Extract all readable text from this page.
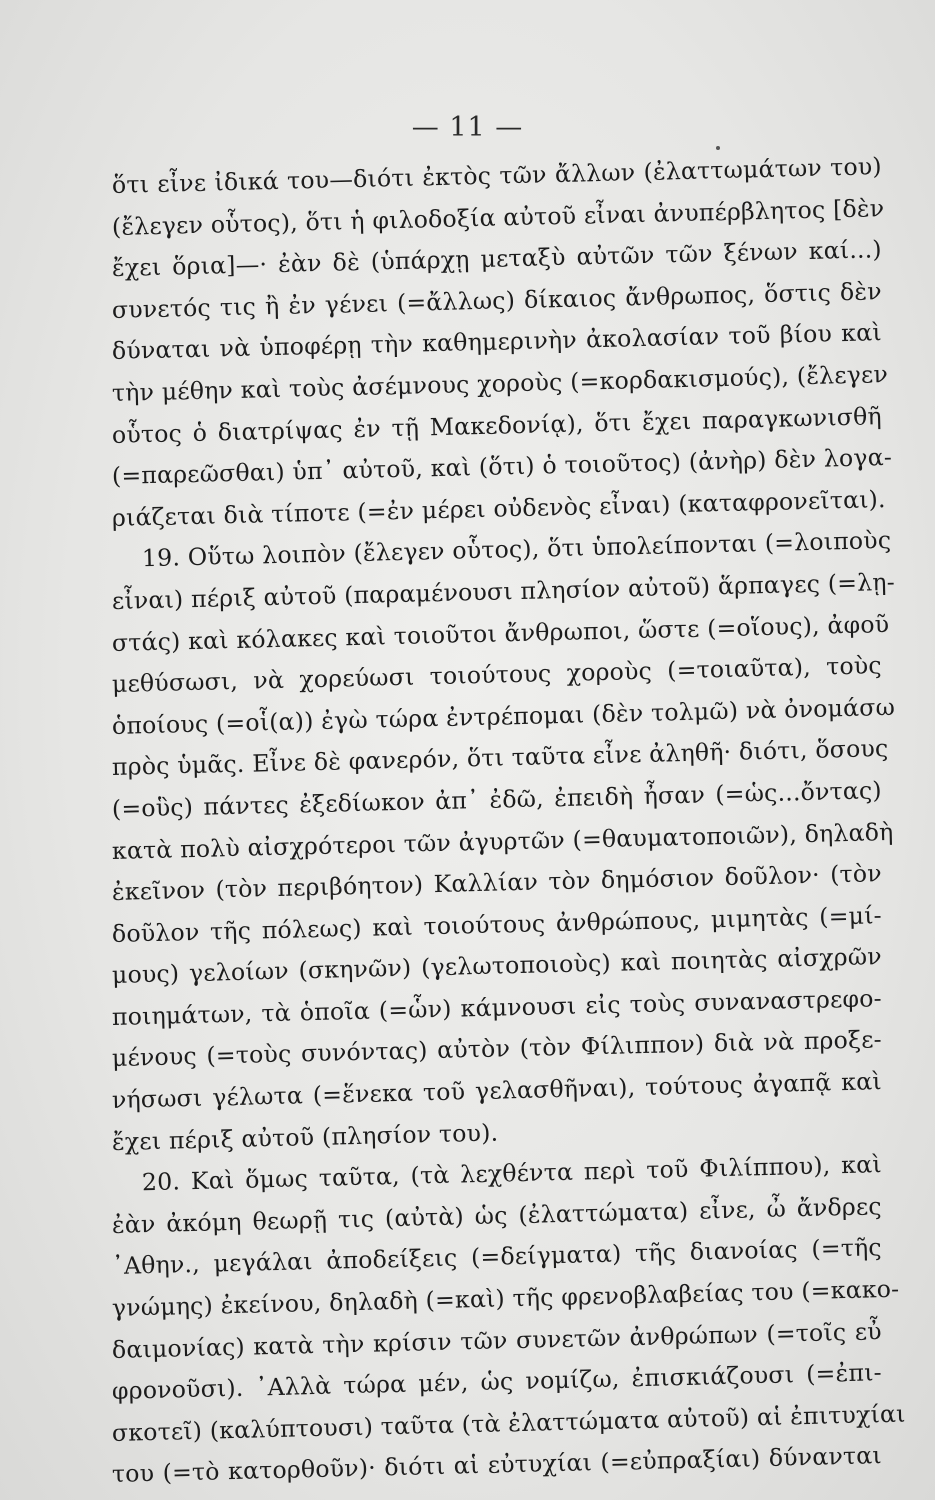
— 11 —
ὅτι εἶνε ἰδικά του—διότι ἐκτὸς τῶν ἄλλων (ἐλαττωμάτων του)
(ἔλεγεν οὗτος), ὅτι ἡ φιλοδοξία αὐτοῦ εἶναι ἀνυπέρβλητος [δὲν
ἔχει ὅρια]—· ἐὰν δὲ (ὑπάρχῃ μεταξὺ αὐτῶν τῶν ξένων καί...)
συνετός τις ἢ ἐν γένει (=ἄλλως) δίκαιος ἄνθρωπος, ὅστις δὲν
δύναται νὰ ὑποφέρῃ τὴν καθημερινὴν ἀκολασίαν τοῦ βίου καὶ
τὴν μέθην καὶ τοὺς ἀσέμνους χοροὺς (=κορδακισμούς), (ἔλεγεν
οὗτος ὁ διατρίψας ἐν τῇ Μακεδονίᾳ), ὅτι ἔχει παραγκωνισθῆ
(=παρεῶσθαι) ὑπ᾽ αὐτοῦ, καὶ (ὅτι) ὁ τοιοῦτος) (ἀνὴρ) δὲν λογα-
ριάζεται διὰ τίποτε (=ἐν μέρει οὐδενὸς εἶναι) (καταφρονεῖται).
19. Οὕτω λοιπὸν (ἔλεγεν οὗτος), ὅτι ὑπολείπονται (=λοιποὺς
εἶναι) πέριξ αὐτοῦ (παραμένουσι πλησίον αὐτοῦ) ἅρπαγες (=λῃ-
στάς) καὶ κόλακες καὶ τοιοῦτοι ἄνθρωποι, ὥστε (=οἵους), ἀφοῦ
μεθύσωσι, νὰ χορεύωσι τοιούτους χοροὺς (=τοιαῦτα), τοὺς
ὁποίους (=οἷ(α)) ἐγὼ τώρα ἐντρέπομαι (δὲν τολμῶ) νὰ ὀνομάσω
πρὸς ὑμᾶς. Εἶνε δὲ φανερόν, ὅτι ταῦτα εἶνε ἀληθῆ· διότι, ὅσους
(=οὓς) πάντες ἐξεδίωκον ἀπ᾽ ἐδῶ, ἐπειδὴ ἦσαν (=ὡς...ὄντας)
κατὰ πολὺ αἰσχρότεροι τῶν ἀγυρτῶν (=θαυματοποιῶν), δηλαδὴ
ἐκεῖνον (τὸν περιβόητον) Καλλίαν τὸν δημόσιον δοῦλον· (τὸν
δοῦλον τῆς πόλεως) καὶ τοιούτους ἀνθρώπους, μιμητὰς (=μί-
μους) γελοίων (σκηνῶν) (γελωτοποιοὺς) καὶ ποιητὰς αἰσχρῶν
ποιημάτων, τὰ ὁποῖα (=ὧν) κάμνουσι εἰς τοὺς συναναστρεφο-
μένους (=τοὺς συνόντας) αὐτὸν (τὸν Φίλιππον) διὰ νὰ προξε-
νήσωσι γέλωτα (=ἕνεκα τοῦ γελασθῆναι), τούτους ἀγαπᾷ καὶ
ἔχει πέριξ αὐτοῦ (πλησίον του).
20. Καὶ ὅμως ταῦτα, (τὰ λεχθέντα περὶ τοῦ Φιλίππου), καὶ
ἐὰν ἀκόμη θεωρῇ τις (αὐτὰ) ὡς (ἐλαττώματα) εἶνε, ὦ ἄνδρες
᾽Αθην., μεγάλαι ἀποδείξεις (=δείγματα) τῆς διανοίας (=τῆς
γνώμης) ἐκείνου, δηλαδὴ (=καὶ) τῆς φρενοβλαβείας του (=κακο-
δαιμονίας) κατὰ τὴν κρίσιν τῶν συνετῶν ἀνθρώπων (=τοῖς εὖ
φρονοῦσι). ᾽Αλλὰ τώρα μέν, ὡς νομίζω, ἐπισκιάζουσι (=ἐπι-
σκοτεῖ) (καλύπτουσι) ταῦτα (τὰ ἐλαττώματα αὐτοῦ) αἱ ἐπιτυχίαι
του (=τὸ κατορθοῦν)· διότι αἱ εὐτυχίαι (=εὐπραξίαι) δύνανται
